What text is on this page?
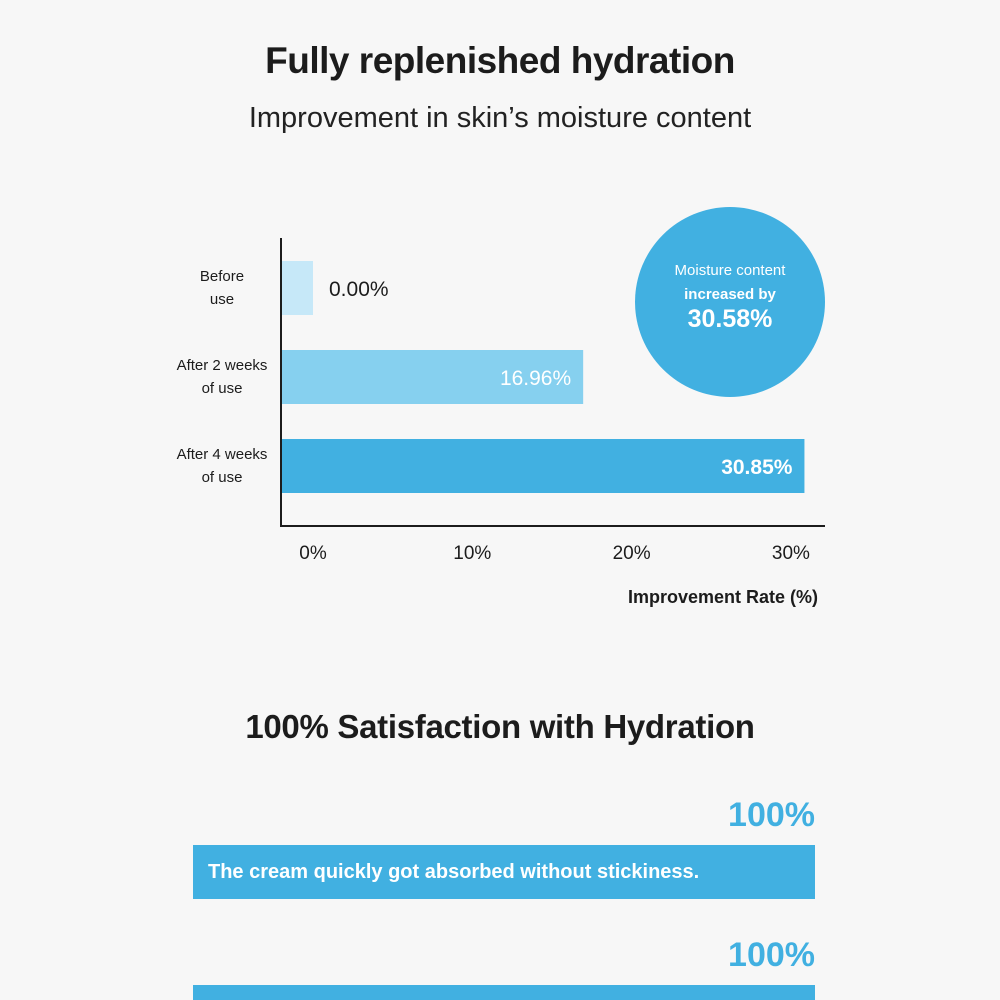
Fully replenished hydration
Improvement in skin’s moisture content
0.00%
Before
use
16.96%
After 2 weeks
of use
30.85%
After 4 weeks
of use
0%	10%	20%	30%
Improvement Rate (%)
Moisture content
increased by
30.58%
100% Satisfaction with Hydration
100%
The cream quickly got absorbed without stickiness.
100%
